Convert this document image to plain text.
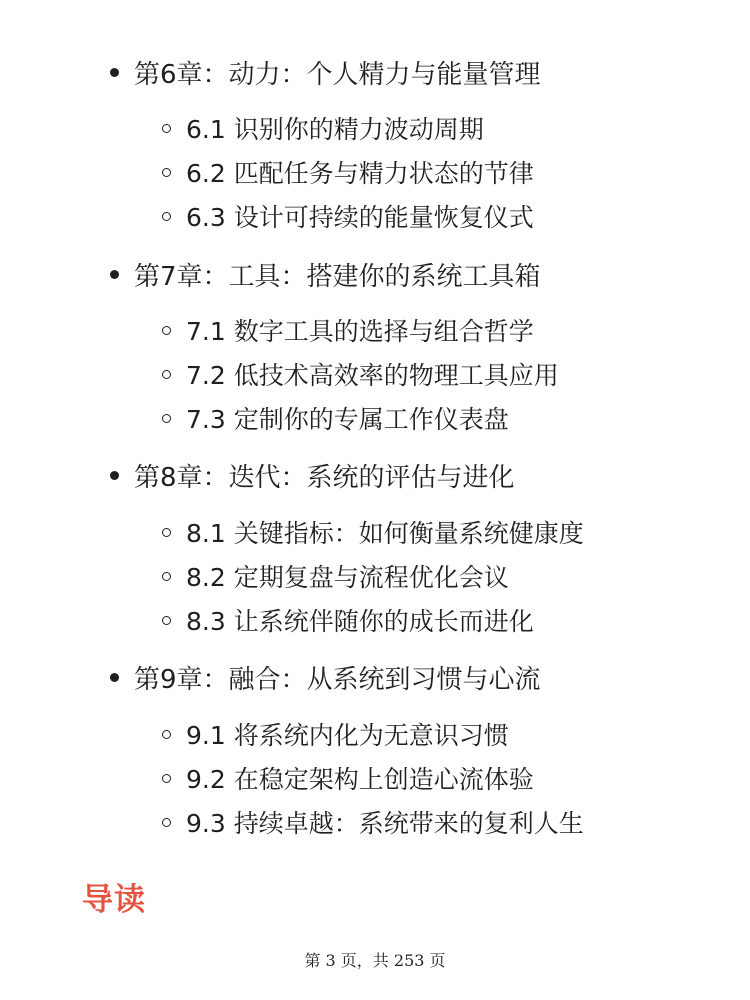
第6章：动力：个人精力与能量管理
6.1 识别你的精力波动周期
6.2 匹配任务与精力状态的节律
6.3 设计可持续的能量恢复仪式
第7章：工具：搭建你的系统工具箱
7.1 数字工具的选择与组合哲学
7.2 低技术高效率的物理工具应用
7.3 定制你的专属工作仪表盘
第8章：迭代：系统的评估与进化
8.1 关键指标：如何衡量系统健康度
8.2 定期复盘与流程优化会议
8.3 让系统伴随你的成长而进化
第9章：融合：从系统到习惯与心流
9.1 将系统内化为无意识习惯
9.2 在稳定架构上创造心流体验
9.3 持续卓越：系统带来的复利人生
导读
第 3 页，共 253 页
